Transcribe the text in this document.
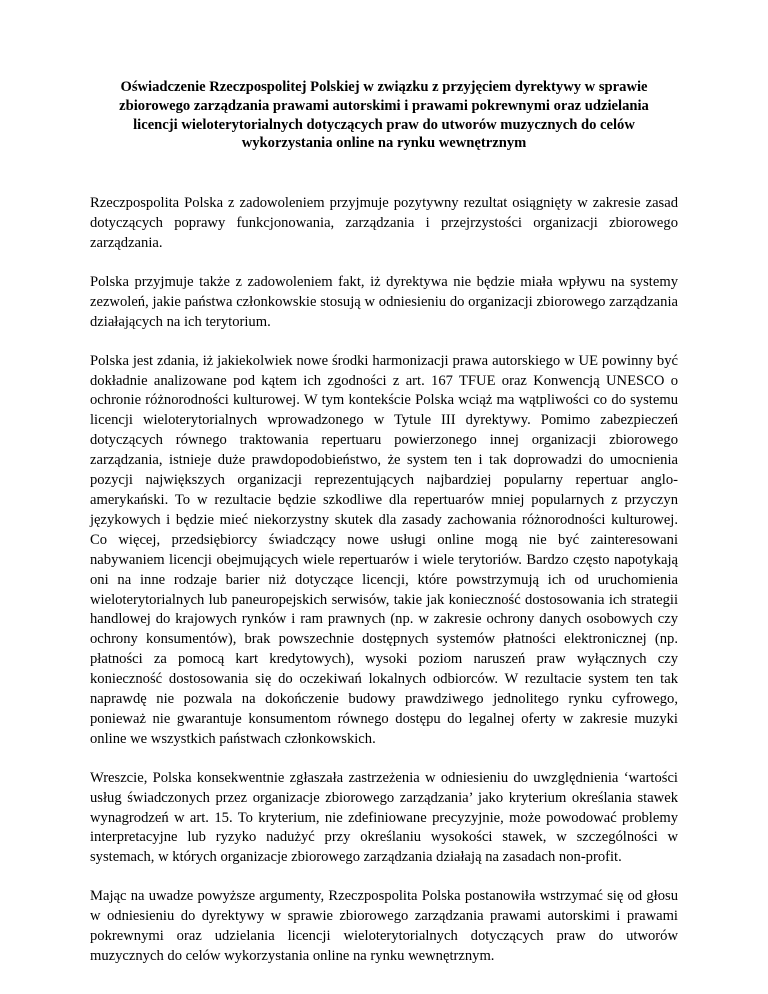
Oświadczenie Rzeczpospolitej Polskiej w związku z przyjęciem dyrektywy w sprawie zbiorowego zarządzania prawami autorskimi i prawami pokrewnymi oraz udzielania licencji wieloterytorialnych dotyczących praw do utworów muzycznych do celów wykorzystania online na rynku wewnętrznym

Rzeczpospolita Polska z zadowoleniem przyjmuje pozytywny rezultat osiągnięty w zakresie zasad dotyczących poprawy funkcjonowania, zarządzania i przejrzystości organizacji zbiorowego zarządzania.

Polska przyjmuje także z zadowoleniem fakt, iż dyrektywa nie będzie miała wpływu na systemy zezwoleń, jakie państwa członkowskie stosują w odniesieniu do organizacji zbiorowego zarządzania działających na ich terytorium.

Polska jest zdania, iż jakiekolwiek nowe środki harmonizacji prawa autorskiego w UE powinny być dokładnie analizowane pod kątem ich zgodności z art. 167 TFUE oraz Konwencją UNESCO o ochronie różnorodności kulturowej. W tym kontekście Polska wciąż ma wątpliwości co do systemu licencji wieloterytorialnych wprowadzonego w Tytule III dyrektywy. Pomimo zabezpieczeń dotyczących równego traktowania repertuaru powierzonego innej organizacji zbiorowego zarządzania, istnieje duże prawdopodobieństwo, że system ten i tak doprowadzi do umocnienia pozycji największych organizacji reprezentujących najbardziej popularny repertuar anglo-amerykański. To w rezultacie będzie szkodliwe dla repertuarów mniej popularnych z przyczyn językowych i będzie mieć niekorzystny skutek dla zasady zachowania różnorodności kulturowej. Co więcej, przedsiębiorcy świadczący nowe usługi online mogą nie być zainteresowani nabywaniem licencji obejmujących wiele repertuarów i wiele terytoriów. Bardzo często napotykają oni na inne rodzaje barier niż dotyczące licencji, które powstrzymują ich od uruchomienia wieloterytorialnych lub paneuropejskich serwisów, takie jak konieczność dostosowania ich strategii handlowej do krajowych rynków i ram prawnych (np. w zakresie ochrony danych osobowych czy ochrony konsumentów), brak powszechnie dostępnych systemów płatności elektronicznej (np. płatności za pomocą kart kredytowych), wysoki poziom naruszeń praw wyłącznych czy konieczność dostosowania się do oczekiwań lokalnych odbiorców. W rezultacie system ten tak naprawdę nie pozwala na dokończenie budowy prawdziwego jednolitego rynku cyfrowego, ponieważ nie gwarantuje konsumentom równego dostępu do legalnej oferty w zakresie muzyki online we wszystkich państwach członkowskich.

Wreszcie, Polska konsekwentnie zgłaszała zastrzeżenia w odniesieniu do uwzględnienia ‘wartości usług świadczonych przez organizacje zbiorowego zarządzania’ jako kryterium określania stawek wynagrodzeń w art. 15. To kryterium, nie zdefiniowane precyzyjnie, może powodować problemy interpretacyjne lub ryzyko nadużyć przy określaniu wysokości stawek, w szczególności w systemach, w których organizacje zbiorowego zarządzania działają na zasadach non-profit.

Mając na uwadze powyższe argumenty, Rzeczpospolita Polska postanowiła wstrzymać się od głosu w odniesieniu do dyrektywy w sprawie zbiorowego zarządzania prawami autorskimi i prawami pokrewnymi oraz udzielania licencji wieloterytorialnych dotyczących praw do utworów muzycznych do celów wykorzystania online na rynku wewnętrznym.
